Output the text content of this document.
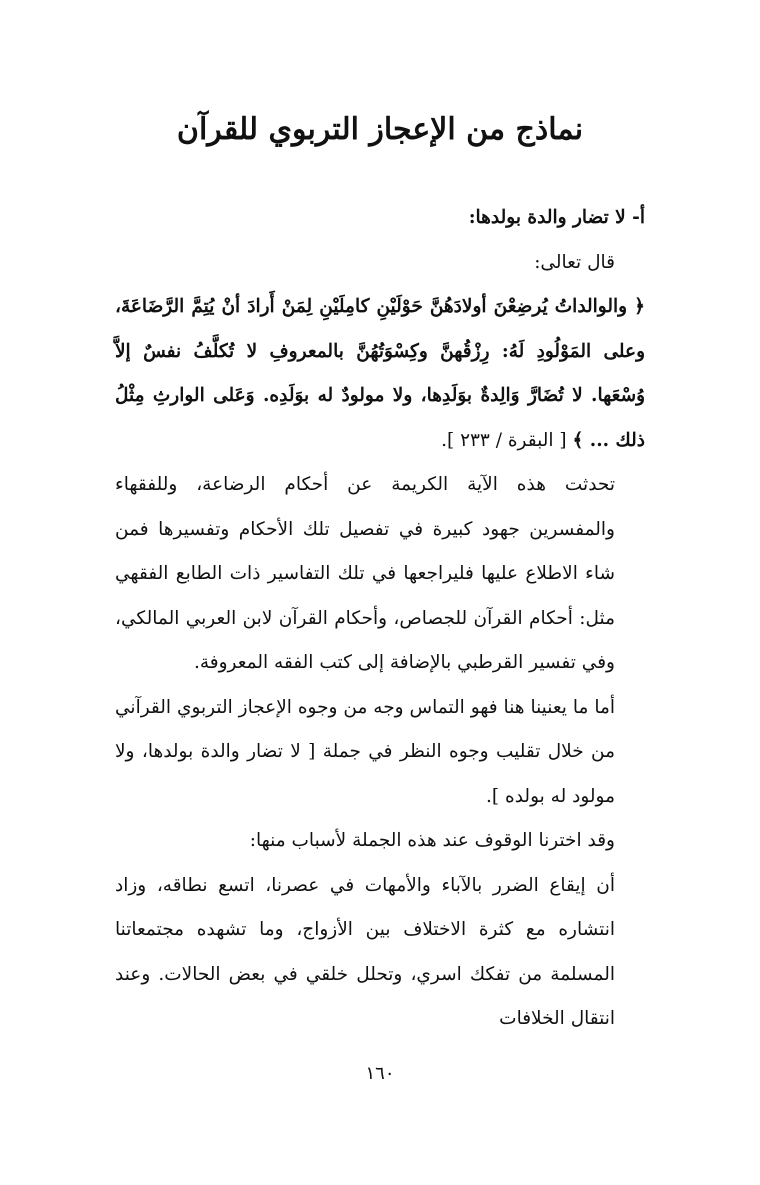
نماذج من الإعجاز التربوي للقرآن

أ- لا تضار والدة بولدها:

قال تعالى:

﴿ والوالداتُ يُرضِعْنَ أولادَهُنَّ حَوْلَيْنِ كامِلَيْنِ لِمَنْ أَرادَ أنْ يُتِمَّ الرَّضَاعَةَ، وعلى المَوْلُودِ لَهُ: رِزْقُهنَّ وكِسْوَتُهُنَّ بالمعروفِ لا تُكلَّفُ نفسٌ إلاَّ وُسْعَها. لا تُضَارَّ وَالِدةٌ بوَلَدِها، ولا مولودٌ له بوَلَدِه. وَعَلى الوارثِ مِثْلُ ذلك ... ﴾ [ البقرة / ٢٣٣ ].

تحدثت هذه الآية الكريمة عن أحكام الرضاعة، وللفقهاء والمفسرين جهود كبيرة في تفصيل تلك الأحكام وتفسيرها فمن شاء الاطلاع عليها فليراجعها في تلك التفاسير ذات الطابع الفقهي مثل: أحكام القرآن للجصاص، وأحكام القرآن لابن العربي المالكي، وفي تفسير القرطبي بالإضافة إلى كتب الفقه المعروفة.

أما ما يعنينا هنا فهو التماس وجه من وجوه الإعجاز التربوي القرآني من خلال تقليب وجوه النظر في جملة [ لا تضار والدة بولدها، ولا مولود له بولده ].

وقد اخترنا الوقوف عند هذه الجملة لأسباب منها:

أن إيقاع الضرر بالآباء والأمهات في عصرنا، اتسع نطاقه، وزاد انتشاره مع كثرة الاختلاف بين الأزواج، وما تشهده مجتمعاتنا المسلمة من تفكك اسري، وتحلل خلقي في بعض الحالات. وعند انتقال الخلافات

١٦٠
